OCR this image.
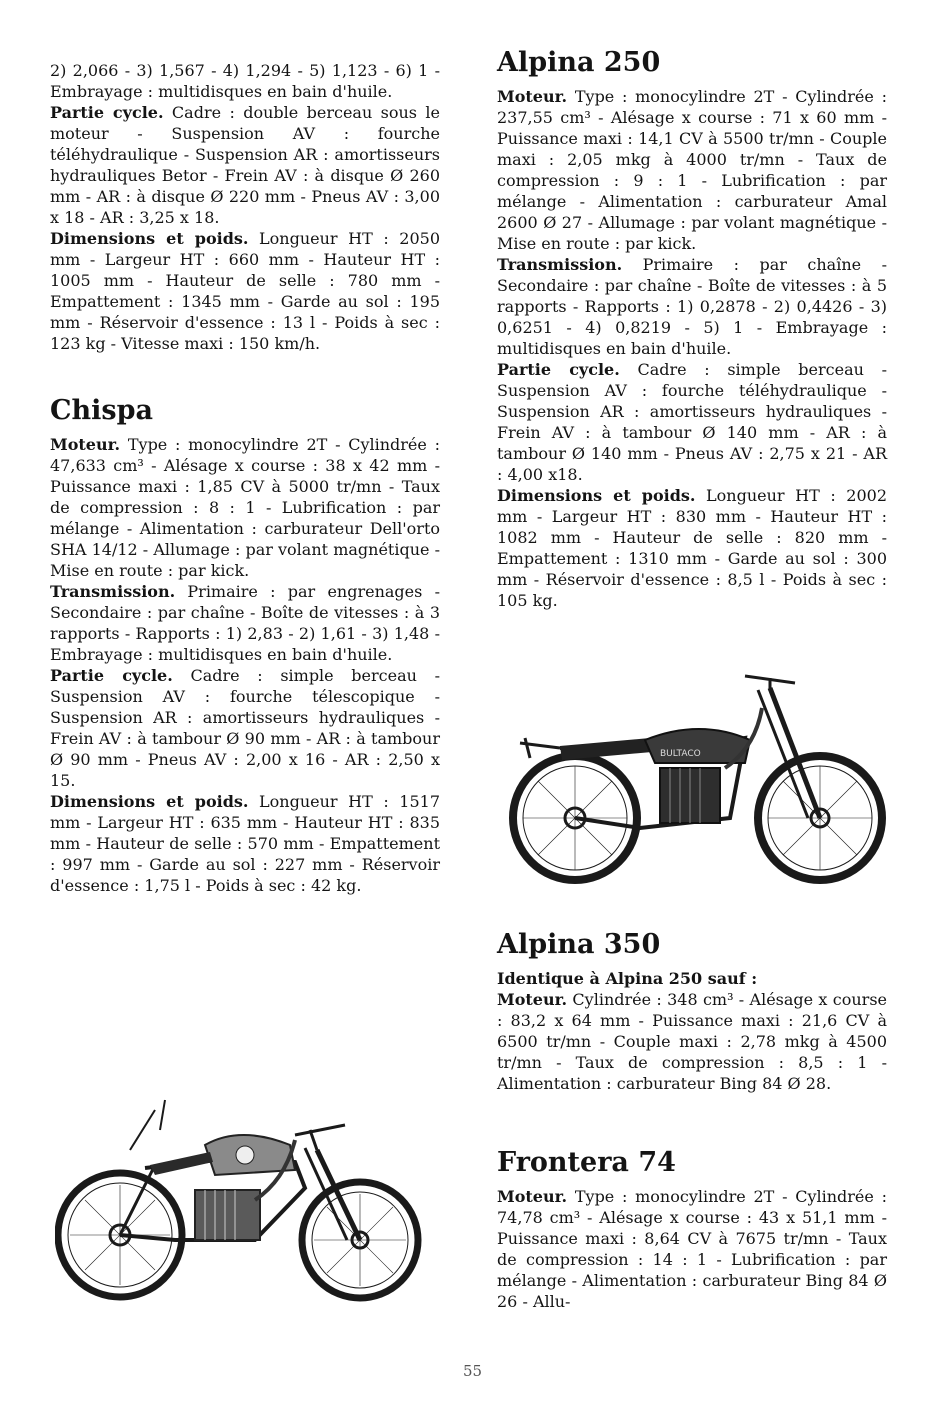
2) 2,066 - 3) 1,567 - 4) 1,294 - 5) 1,123 - 6) 1 - Embrayage : multidisques en bain d'huile.

Partie cycle. Cadre : double berceau sous le moteur - Suspension AV : fourche téléhydraulique - Suspension AR : amortisseurs hydrauliques Betor - Frein AV : à disque Ø 260 mm - AR : à disque Ø 220 mm - Pneus AV : 3,00 x 18 - AR : 3,25 x 18.

Dimensions et poids. Longueur HT : 2050 mm - Largeur HT : 660 mm - Hauteur HT : 1005 mm - Hauteur de selle : 780 mm - Empattement : 1345 mm - Garde au sol : 195 mm - Réservoir d'essence : 13 l - Poids à sec : 123 kg - Vitesse maxi : 150 km/h.

Chispa

Moteur. Type : monocylindre 2T - Cylindrée : 47,633 cm³ - Alésage x course : 38 x 42 mm - Puissance maxi : 1,85 CV à 5000 tr/mn - Taux de compression : 8 : 1 - Lubrification : par mélange - Alimentation : carburateur Dell'orto SHA 14/12 - Allumage : par volant magnétique - Mise en route : par kick.

Transmission. Primaire : par engrenages - Secondaire : par chaîne - Boîte de vitesses : à 3 rapports - Rapports : 1) 2,83 - 2) 1,61 - 3) 1,48 - Embrayage : multidisques en bain d'huile.

Partie cycle. Cadre : simple berceau - Suspension AV : fourche télescopique - Suspension AR : amortisseurs hydrauliques - Frein AV : à tambour Ø 90 mm - AR : à tambour Ø 90 mm - Pneus AV : 2,00 x 16 - AR : 2,50 x 15.

Dimensions et poids. Longueur HT : 1517 mm - Largeur HT : 635 mm - Hauteur HT : 835 mm - Hauteur de selle : 570 mm - Empattement : 997 mm - Garde au sol : 227 mm - Réservoir d'essence : 1,75 l - Poids à sec : 42 kg.

Alpina 250

Moteur. Type : monocylindre 2T - Cylindrée : 237,55 cm³ - Alésage x course : 71 x 60 mm - Puissance maxi : 14,1 CV à 5500 tr/mn - Couple maxi : 2,05 mkg à 4000 tr/mn - Taux de compression : 9 : 1 - Lubrification : par mélange - Alimentation : carburateur Amal 2600 Ø 27 - Allumage : par volant magnétique - Mise en route : par kick.

Transmission. Primaire : par chaîne - Secondaire : par chaîne - Boîte de vitesses : à 5 rapports - Rapports : 1) 0,2878 - 2) 0,4426 - 3) 0,6251 - 4) 0,8219 - 5) 1 - Embrayage : multidisques en bain d'huile.

Partie cycle. Cadre : simple berceau - Suspension AV : fourche téléhydraulique - Suspension AR : amortisseurs hydrauliques - Frein AV : à tambour Ø 140 mm - AR : à tambour Ø 140 mm - Pneus AV : 2,75 x 21 - AR : 4,00 x18.

Dimensions et poids. Longueur HT : 2002 mm - Largeur HT : 830 mm - Hauteur HT : 1082 mm - Hauteur de selle : 820 mm - Empattement : 1310 mm - Garde au sol : 300 mm - Réservoir d'essence : 8,5 l - Poids à sec : 105 kg.

BULTACO
Alpina 350

Identique à Alpina 250 sauf :

Moteur. Cylindrée : 348 cm³ - Alésage x course : 83,2 x 64 mm - Puissance maxi : 21,6 CV à 6500 tr/mn - Couple maxi : 2,78 mkg à 4500 tr/mn - Taux de compression : 8,5 : 1 - Alimentation : carburateur Bing 84 Ø 28.

Frontera 74

Moteur. Type : monocylindre 2T - Cylindrée : 74,78 cm³ - Alésage x course : 43 x 51,1 mm - Puissance maxi : 8,64 CV à 7675 tr/mn - Taux de compression : 14 : 1 - Lubrification : par mélange - Alimentation : carburateur Bing 84 Ø 26 - Allu-

55
